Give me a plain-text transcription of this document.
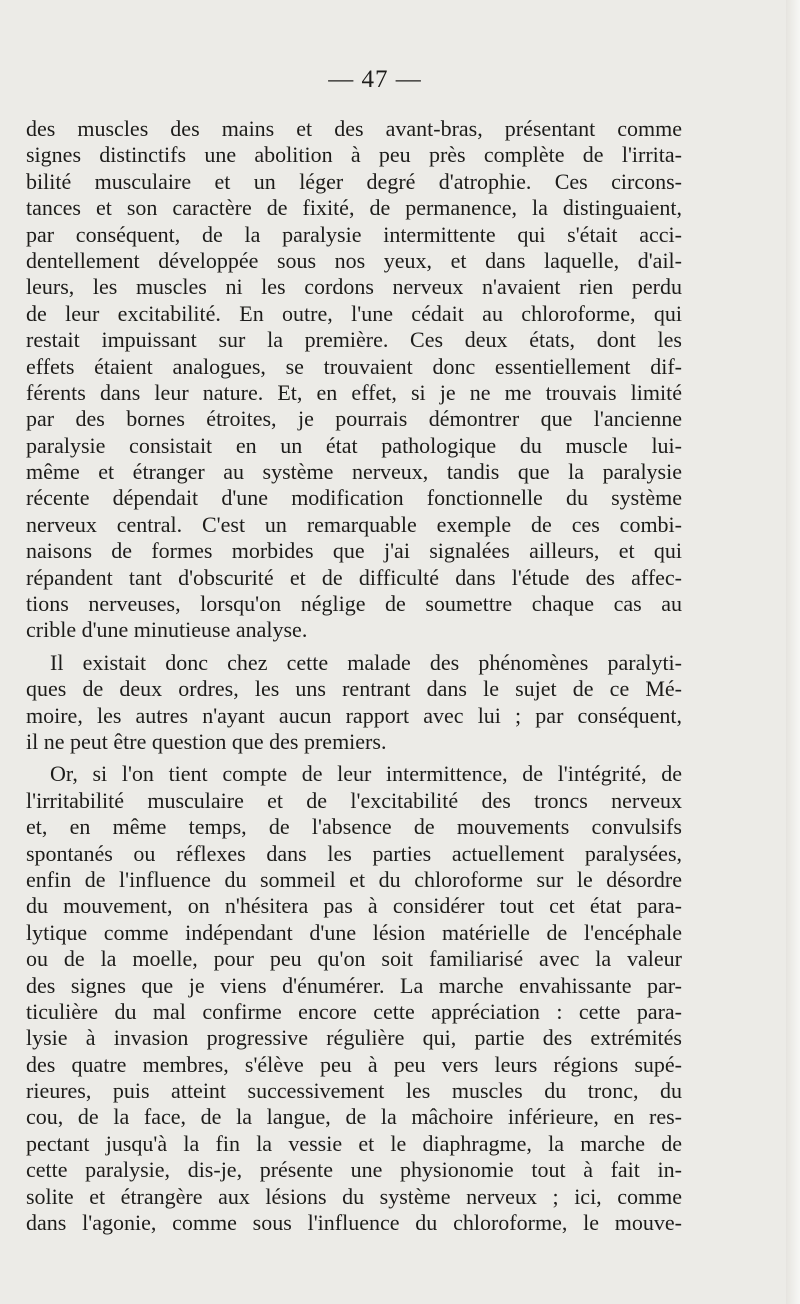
— 47 —
des muscles des mains et des avant-bras, présentant comme
signes distinctifs une abolition à peu près complète de l'irrita-
bilité musculaire et un léger degré d'atrophie. Ces circons-
tances et son caractère de fixité, de permanence, la distinguaient,
par conséquent, de la paralysie intermittente qui s'était acci-
dentellement développée sous nos yeux, et dans laquelle, d'ail-
leurs, les muscles ni les cordons nerveux n'avaient rien perdu
de leur excitabilité. En outre, l'une cédait au chloroforme, qui
restait impuissant sur la première. Ces deux états, dont les
effets étaient analogues, se trouvaient donc essentiellement dif-
férents dans leur nature. Et, en effet, si je ne me trouvais limité
par des bornes étroites, je pourrais démontrer que l'ancienne
paralysie consistait en un état pathologique du muscle lui-
même et étranger au système nerveux, tandis que la paralysie
récente dépendait d'une modification fonctionnelle du système
nerveux central. C'est un remarquable exemple de ces combi-
naisons de formes morbides que j'ai signalées ailleurs, et qui
répandent tant d'obscurité et de difficulté dans l'étude des affec-
tions nerveuses, lorsqu'on néglige de soumettre chaque cas au
crible d'une minutieuse analyse.
Il existait donc chez cette malade des phénomènes paralyti-
ques de deux ordres, les uns rentrant dans le sujet de ce Mé-
moire, les autres n'ayant aucun rapport avec lui ; par conséquent,
il ne peut être question que des premiers.
Or, si l'on tient compte de leur intermittence, de l'intégrité, de
l'irritabilité musculaire et de l'excitabilité des troncs nerveux
et, en même temps, de l'absence de mouvements convulsifs
spontanés ou réflexes dans les parties actuellement paralysées,
enfin de l'influence du sommeil et du chloroforme sur le désordre
du mouvement, on n'hésitera pas à considérer tout cet état para-
lytique comme indépendant d'une lésion matérielle de l'encéphale
ou de la moelle, pour peu qu'on soit familiarisé avec la valeur
des signes que je viens d'énumérer. La marche envahissante par-
ticulière du mal confirme encore cette appréciation : cette para-
lysie à invasion progressive régulière qui, partie des extrémités
des quatre membres, s'élève peu à peu vers leurs régions supé-
rieures, puis atteint successivement les muscles du tronc, du
cou, de la face, de la langue, de la mâchoire inférieure, en res-
pectant jusqu'à la fin la vessie et le diaphragme, la marche de
cette paralysie, dis-je, présente une physionomie tout à fait in-
solite et étrangère aux lésions du système nerveux ; ici, comme
dans l'agonie, comme sous l'influence du chloroforme, le mouve-
